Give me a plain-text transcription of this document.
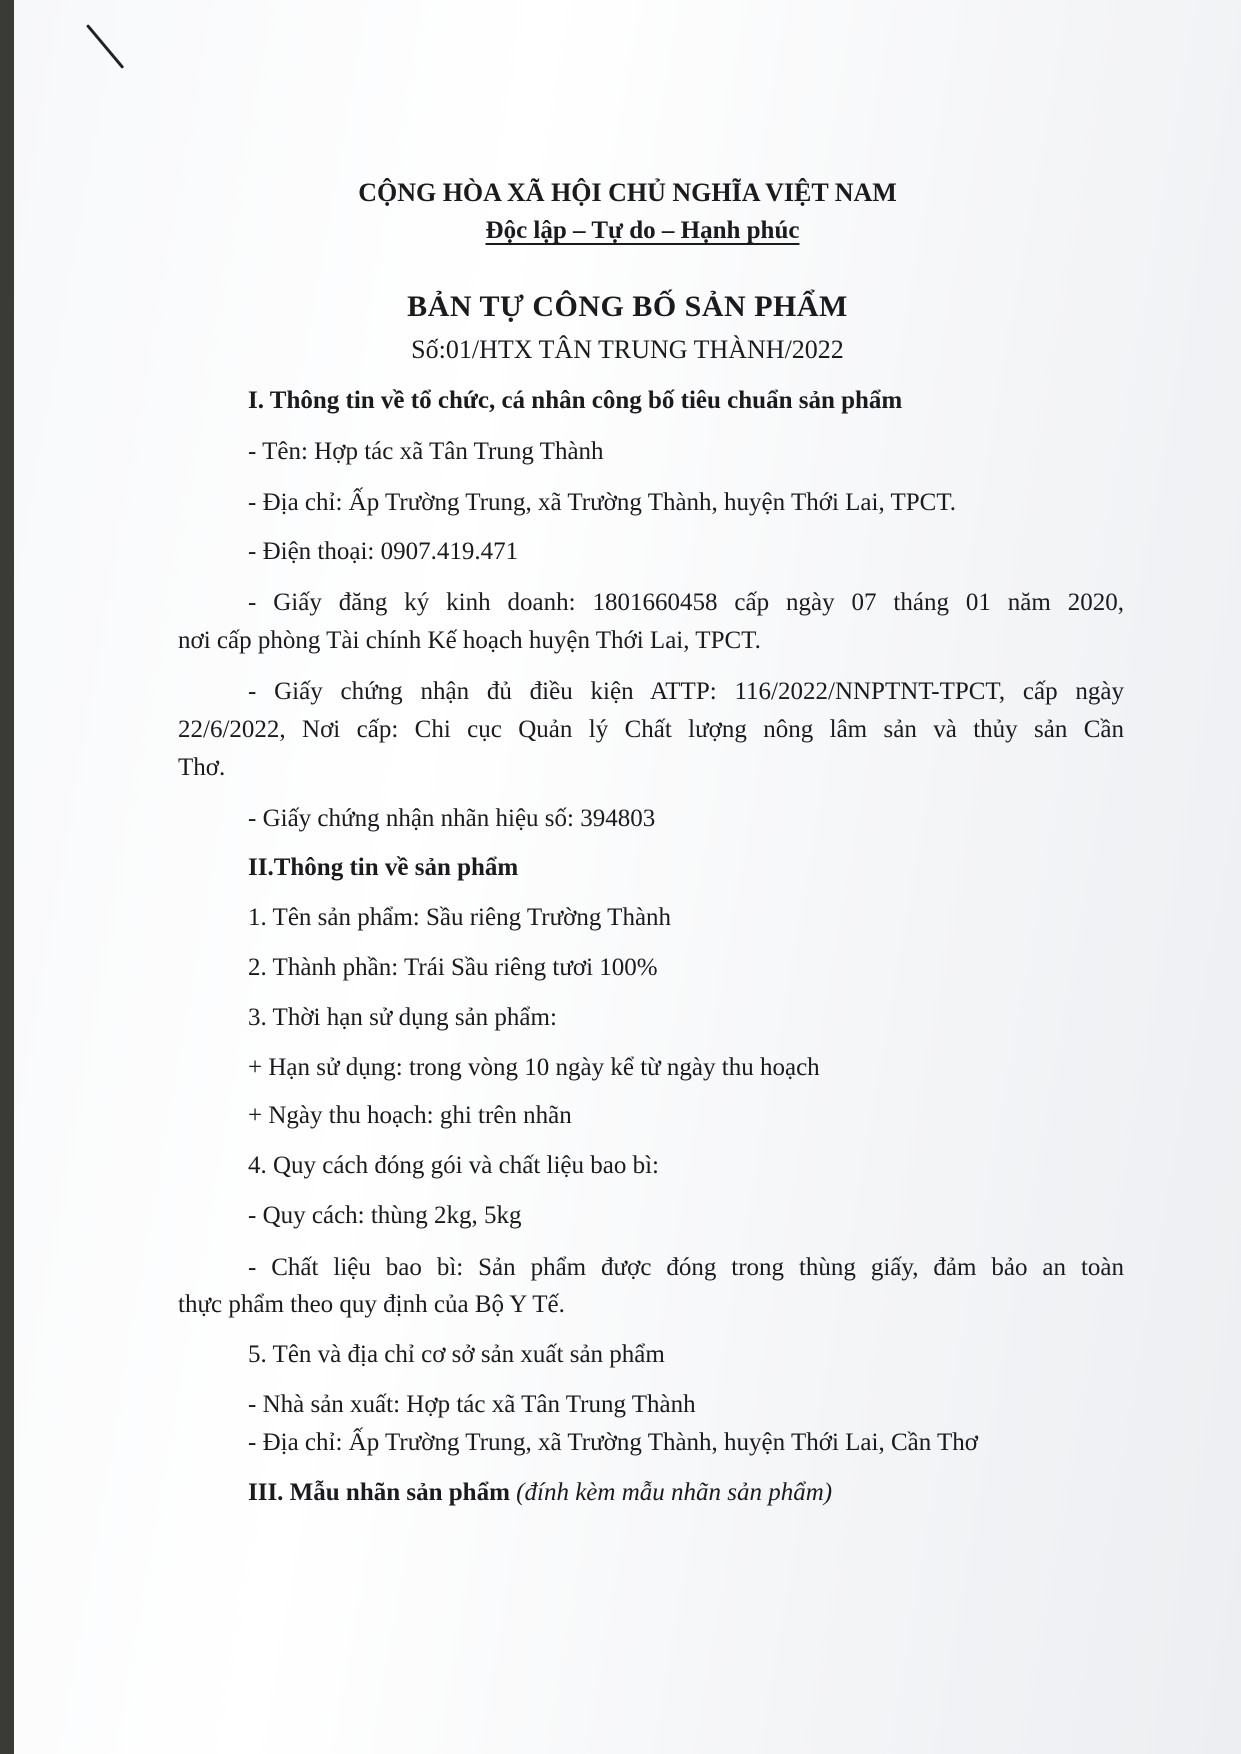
CỘNG HÒA XÃ HỘI CHỦ NGHĨA VIỆT NAM
Độc lập – Tự do – Hạnh phúc
BẢN TỰ CÔNG BỐ SẢN PHẨM
Số:01/HTX TÂN TRUNG THÀNH/2022
I. Thông tin về tổ chức, cá nhân công bố tiêu chuẩn sản phẩm
- Tên: Hợp tác xã Tân Trung Thành
- Địa chỉ: Ấp Trường Trung, xã Trường Thành, huyện Thới Lai, TPCT.
- Điện thoại: 0907.419.471
- Giấy đăng ký kinh doanh: 1801660458 cấp ngày 07 tháng 01 năm 2020,
nơi cấp phòng Tài chính Kế hoạch huyện Thới Lai, TPCT.
- Giấy chứng nhận đủ điều kiện ATTP: 116/2022/NNPTNT-TPCT, cấp ngày
22/6/2022, Nơi cấp: Chi cục Quản lý Chất lượng nông lâm sản và thủy sản Cần
Thơ.
- Giấy chứng nhận nhãn hiệu số: 394803
II.Thông tin về sản phẩm
1. Tên sản phẩm: Sầu riêng Trường Thành
2. Thành phần: Trái Sầu riêng tươi 100%
3. Thời hạn sử dụng sản phẩm:
+ Hạn sử dụng: trong vòng 10 ngày kể từ ngày thu hoạch
+ Ngày thu hoạch: ghi trên nhãn
4. Quy cách đóng gói và chất liệu bao bì:
- Quy cách: thùng 2kg, 5kg
- Chất liệu bao bì: Sản phẩm được đóng trong thùng giấy, đảm bảo an toàn
thực phẩm theo quy định của Bộ Y Tế.
5. Tên và địa chỉ cơ sở sản xuất sản phẩm
- Nhà sản xuất: Hợp tác xã Tân Trung Thành
- Địa chỉ: Ấp Trường Trung, xã Trường Thành, huyện Thới Lai, Cần Thơ
III. Mẫu nhãn sản phẩm (đính kèm mẫu nhãn sản phẩm)
